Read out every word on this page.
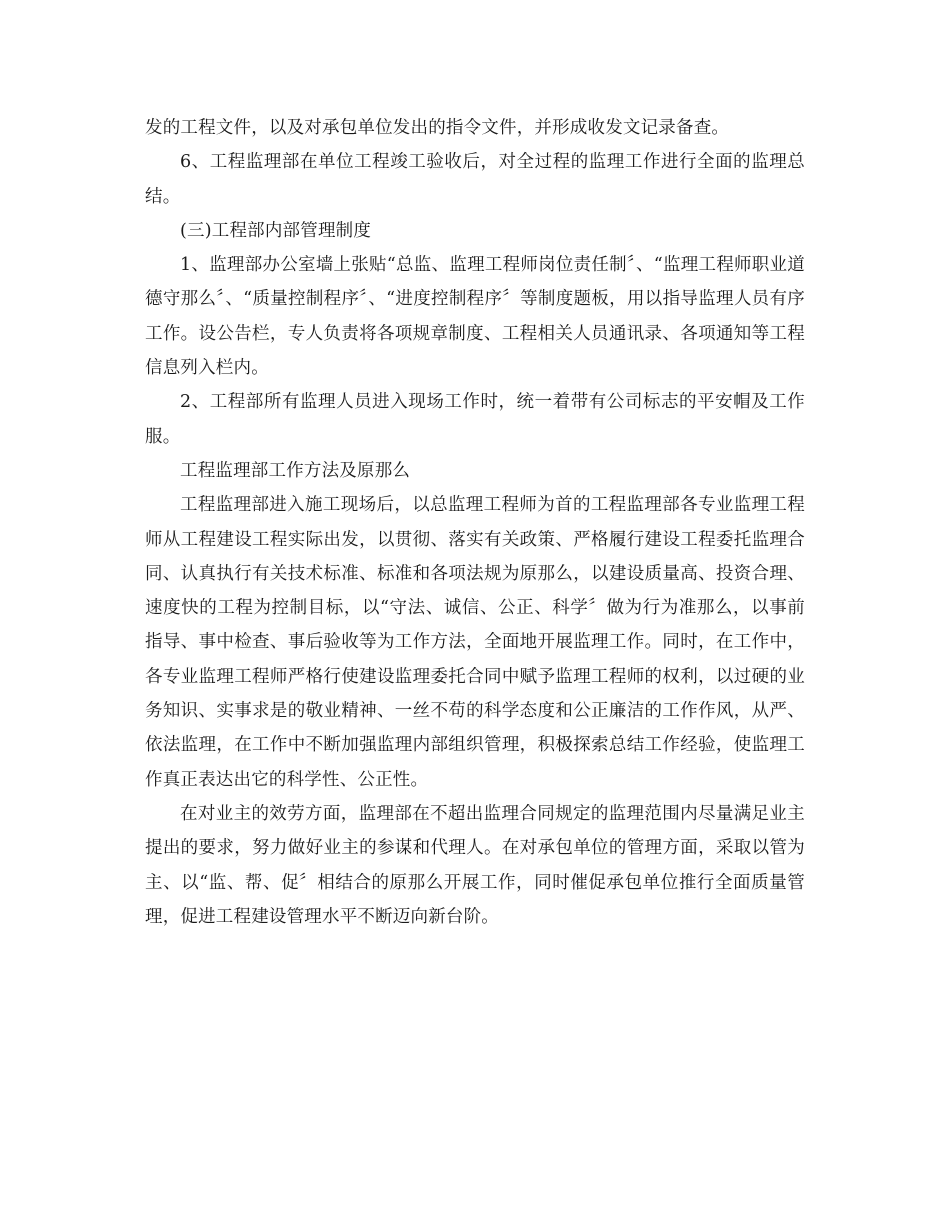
发的工程文件，以及对承包单位发出的指令文件，并形成收发文记录备查。

6、工程监理部在单位工程竣工验收后，对全过程的监理工作进行全面的监理总结。

(三)工程部内部管理制度

1、监理部办公室墙上张贴“总监、监理工程师岗位责任制〞、“监理工程师职业道德守那么〞、“质量控制程序〞、“进度控制程序〞等制度题板，用以指导监理人员有序工作。设公告栏，专人负责将各项规章制度、工程相关人员通讯录、各项通知等工程信息列入栏内。

2、工程部所有监理人员进入现场工作时，统一着带有公司标志的平安帽及工作服。

工程监理部工作方法及原那么

工程监理部进入施工现场后，以总监理工程师为首的工程监理部各专业监理工程师从工程建设工程实际出发，以贯彻、落实有关政策、严格履行建设工程委托监理合同、认真执行有关技术标准、标准和各项法规为原那么，以建设质量高、投资合理、速度快的工程为控制目标，以“守法、诚信、公正、科学〞做为行为准那么，以事前指导、事中检查、事后验收等为工作方法，全面地开展监理工作。同时，在工作中，各专业监理工程师严格行使建设监理委托合同中赋予监理工程师的权利，以过硬的业务知识、实事求是的敬业精神、一丝不苟的科学态度和公正廉洁的工作作风，从严、依法监理，在工作中不断加强监理内部组织管理，积极探索总结工作经验，使监理工作真正表达出它的科学性、公正性。

在对业主的效劳方面，监理部在不超出监理合同规定的监理范围内尽量满足业主提出的要求，努力做好业主的参谋和代理人。在对承包单位的管理方面，采取以管为主、以“监、帮、促〞相结合的原那么开展工作，同时催促承包单位推行全面质量管理，促进工程建设管理水平不断迈向新台阶。
